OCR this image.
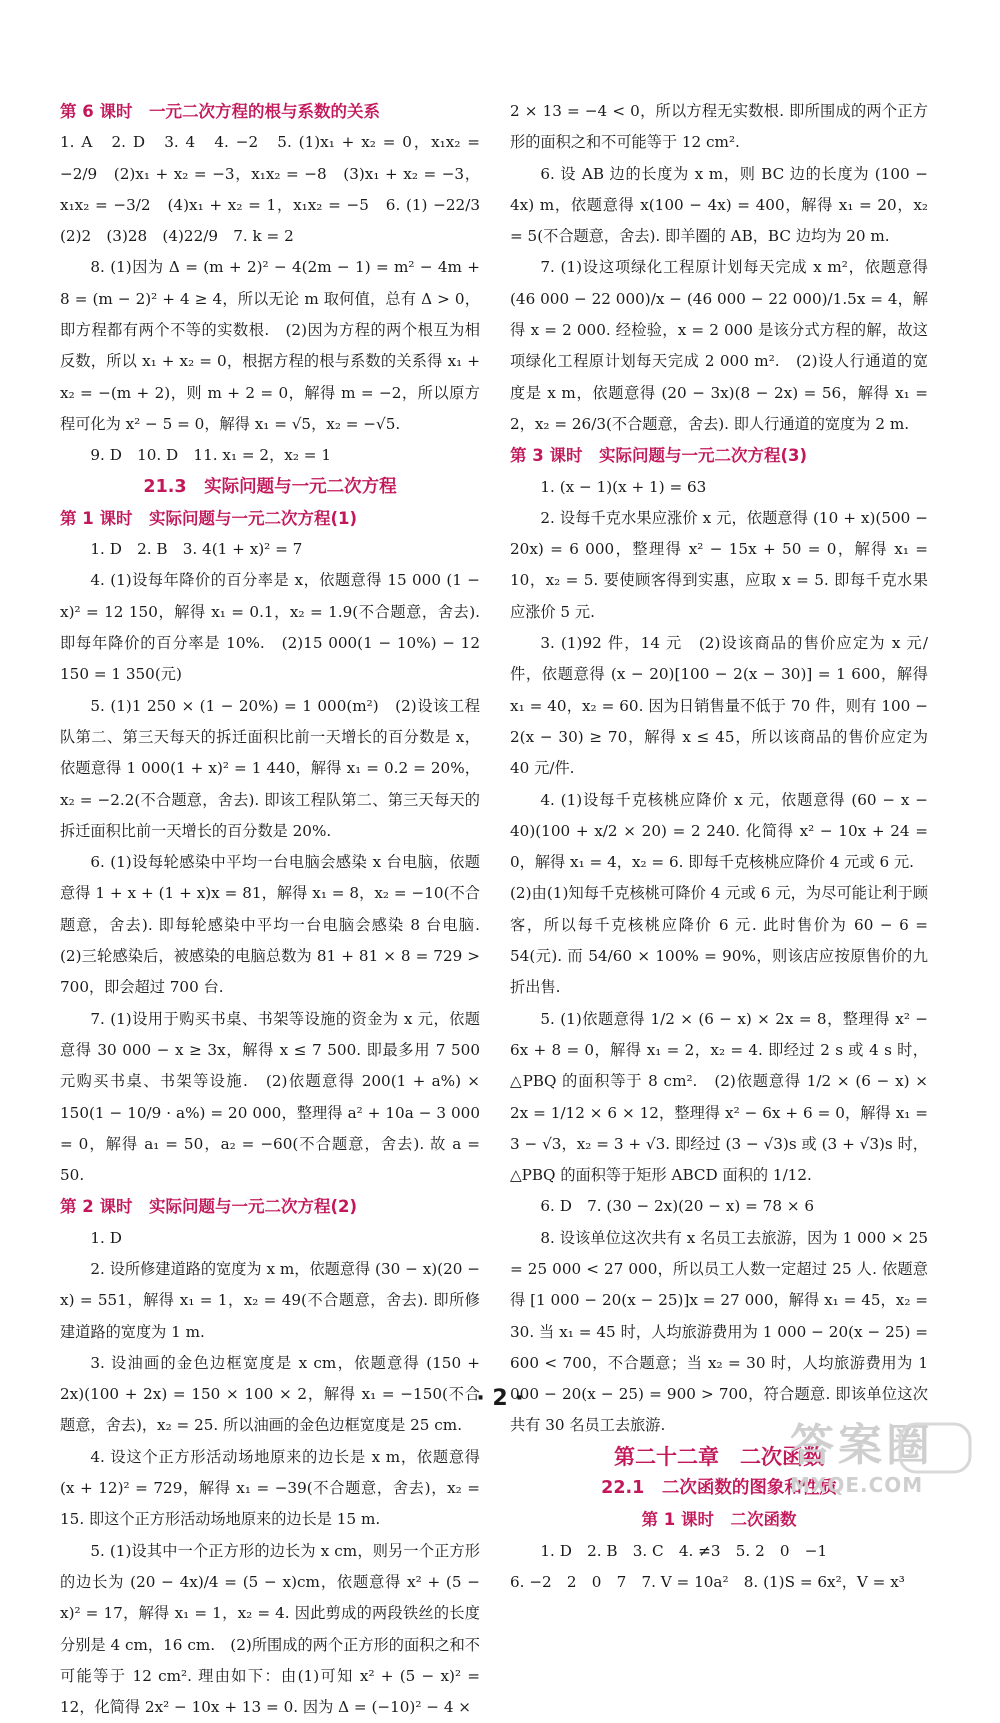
第 6 课时　一元二次方程的根与系数的关系

1. A　2. D　3. 4　4. −2　5. (1)x₁ + x₂ = 0，x₁x₂ = −2/9　(2)x₁ + x₂ = −3，x₁x₂ = −8　(3)x₁ + x₂ = −3，x₁x₂ = −3/2　(4)x₁ + x₂ = 1，x₁x₂ = −5　6. (1) −22/3　(2)2　(3)28　(4)22/9　7. k = 2

8. (1)因为 Δ = (m + 2)² − 4(2m − 1) = m² − 4m + 8 = (m − 2)² + 4 ≥ 4，所以无论 m 取何值，总有 Δ > 0，即方程都有两个不等的实数根.　(2)因为方程的两个根互为相反数，所以 x₁ + x₂ = 0，根据方程的根与系数的关系得 x₁ + x₂ = −(m + 2)，则 m + 2 = 0，解得 m = −2，所以原方程可化为 x² − 5 = 0，解得 x₁ = √5，x₂ = −√5.

9. D　10. D　11. x₁ = 2，x₂ = 1

21.3　实际问题与一元二次方程

第 1 课时　实际问题与一元二次方程(1)

1. D　2. B　3. 4(1 + x)² = 7

4. (1)设每年降价的百分率是 x，依题意得 15 000 (1 − x)² = 12 150，解得 x₁ = 0.1，x₂ = 1.9(不合题意，舍去). 即每年降价的百分率是 10%.　(2)15 000(1 − 10%) − 12 150 = 1 350(元)

5. (1)1 250 × (1 − 20%) = 1 000(m²)　(2)设该工程队第二、第三天每天的拆迁面积比前一天增长的百分数是 x，依题意得 1 000(1 + x)² = 1 440，解得 x₁ = 0.2 = 20%，x₂ = −2.2(不合题意，舍去). 即该工程队第二、第三天每天的拆迁面积比前一天增长的百分数是 20%.

6. (1)设每轮感染中平均一台电脑会感染 x 台电脑，依题意得 1 + x + (1 + x)x = 81，解得 x₁ = 8，x₂ = −10(不合题意，舍去). 即每轮感染中平均一台电脑会感染 8 台电脑.　(2)三轮感染后，被感染的电脑总数为 81 + 81 × 8 = 729 > 700，即会超过 700 台.

7. (1)设用于购买书桌、书架等设施的资金为 x 元，依题意得 30 000 − x ≥ 3x，解得 x ≤ 7 500. 即最多用 7 500 元购买书桌、书架等设施.　(2)依题意得 200(1 + a%) × 150(1 − 10/9 · a%) = 20 000，整理得 a² + 10a − 3 000 = 0，解得 a₁ = 50，a₂ = −60(不合题意，舍去). 故 a = 50.

第 2 课时　实际问题与一元二次方程(2)

1. D

2. 设所修建道路的宽度为 x m，依题意得 (30 − x)(20 − x) = 551，解得 x₁ = 1，x₂ = 49(不合题意，舍去). 即所修建道路的宽度为 1 m.

3. 设油画的金色边框宽度是 x cm，依题意得 (150 + 2x)(100 + 2x) = 150 × 100 × 2，解得 x₁ = −150(不合题意，舍去)，x₂ = 25. 所以油画的金色边框宽度是 25 cm.

4. 设这个正方形活动场地原来的边长是 x m，依题意得 (x + 12)² = 729，解得 x₁ = −39(不合题意，舍去)，x₂ = 15. 即这个正方形活动场地原来的边长是 15 m.

5. (1)设其中一个正方形的边长为 x cm，则另一个正方形的边长为 (20 − 4x)/4 = (5 − x)cm，依题意得 x² + (5 − x)² = 17，解得 x₁ = 1，x₂ = 4. 因此剪成的两段铁丝的长度分别是 4 cm，16 cm.　(2)所围成的两个正方形的面积之和不可能等于 12 cm². 理由如下：由(1)可知 x² + (5 − x)² = 12，化简得 2x² − 10x + 13 = 0. 因为 Δ = (−10)² − 4 ×

2 × 13 = −4 < 0，所以方程无实数根. 即所围成的两个正方形的面积之和不可能等于 12 cm².

6. 设 AB 边的长度为 x m，则 BC 边的长度为 (100 − 4x) m，依题意得 x(100 − 4x) = 400，解得 x₁ = 20，x₂ = 5(不合题意，舍去). 即羊圈的 AB，BC 边均为 20 m.

7. (1)设这项绿化工程原计划每天完成 x m²，依题意得 (46 000 − 22 000)/x − (46 000 − 22 000)/1.5x = 4，解得 x = 2 000. 经检验，x = 2 000 是该分式方程的解，故这项绿化工程原计划每天完成 2 000 m².　(2)设人行通道的宽度是 x m，依题意得 (20 − 3x)(8 − 2x) = 56，解得 x₁ = 2，x₂ = 26/3(不合题意，舍去). 即人行通道的宽度为 2 m.

第 3 课时　实际问题与一元二次方程(3)

1. (x − 1)(x + 1) = 63

2. 设每千克水果应涨价 x 元，依题意得 (10 + x)(500 − 20x) = 6 000，整理得 x² − 15x + 50 = 0，解得 x₁ = 10，x₂ = 5. 要使顾客得到实惠，应取 x = 5. 即每千克水果应涨价 5 元.

3. (1)92 件，14 元　(2)设该商品的售价应定为 x 元/件，依题意得 (x − 20)[100 − 2(x − 30)] = 1 600，解得 x₁ = 40，x₂ = 60. 因为日销售量不低于 70 件，则有 100 − 2(x − 30) ≥ 70，解得 x ≤ 45，所以该商品的售价应定为 40 元/件.

4. (1)设每千克核桃应降价 x 元，依题意得 (60 − x − 40)(100 + x/2 × 20) = 2 240. 化简得 x² − 10x + 24 = 0，解得 x₁ = 4，x₂ = 6. 即每千克核桃应降价 4 元或 6 元.

(2)由(1)知每千克核桃可降价 4 元或 6 元，为尽可能让利于顾客，所以每千克核桃应降价 6 元. 此时售价为 60 − 6 = 54(元). 而 54/60 × 100% = 90%，则该店应按原售价的九折出售.

5. (1)依题意得 1/2 × (6 − x) × 2x = 8，整理得 x² − 6x + 8 = 0，解得 x₁ = 2，x₂ = 4. 即经过 2 s 或 4 s 时，△PBQ 的面积等于 8 cm².　(2)依题意得 1/2 × (6 − x) × 2x = 1/12 × 6 × 12，整理得 x² − 6x + 6 = 0，解得 x₁ = 3 − √3，x₂ = 3 + √3. 即经过 (3 − √3)s 或 (3 + √3)s 时，△PBQ 的面积等于矩形 ABCD 面积的 1/12.

6. D　7. (30 − 2x)(20 − x) = 78 × 6

8. 设该单位这次共有 x 名员工去旅游，因为 1 000 × 25 = 25 000 < 27 000，所以员工人数一定超过 25 人. 依题意得 [1 000 − 20(x − 25)]x = 27 000，解得 x₁ = 45，x₂ = 30. 当 x₁ = 45 时，人均旅游费用为 1 000 − 20(x − 25) = 600 < 700，不合题意；当 x₂ = 30 时，人均旅游费用为 1 000 − 20(x − 25) = 900 > 700，符合题意. 即该单位这次共有 30 名员工去旅游.

第二十二章　二次函数

22.1　二次函数的图象和性质

第 1 课时　二次函数

1. D　2. B　3. C　4. ≠3　5. 2　0　−1

6. −2　2　0　7　7. V = 10a²　8. (1)S = 6x²，V = x³

· 2 ·
答案圈
MXQE.COM
